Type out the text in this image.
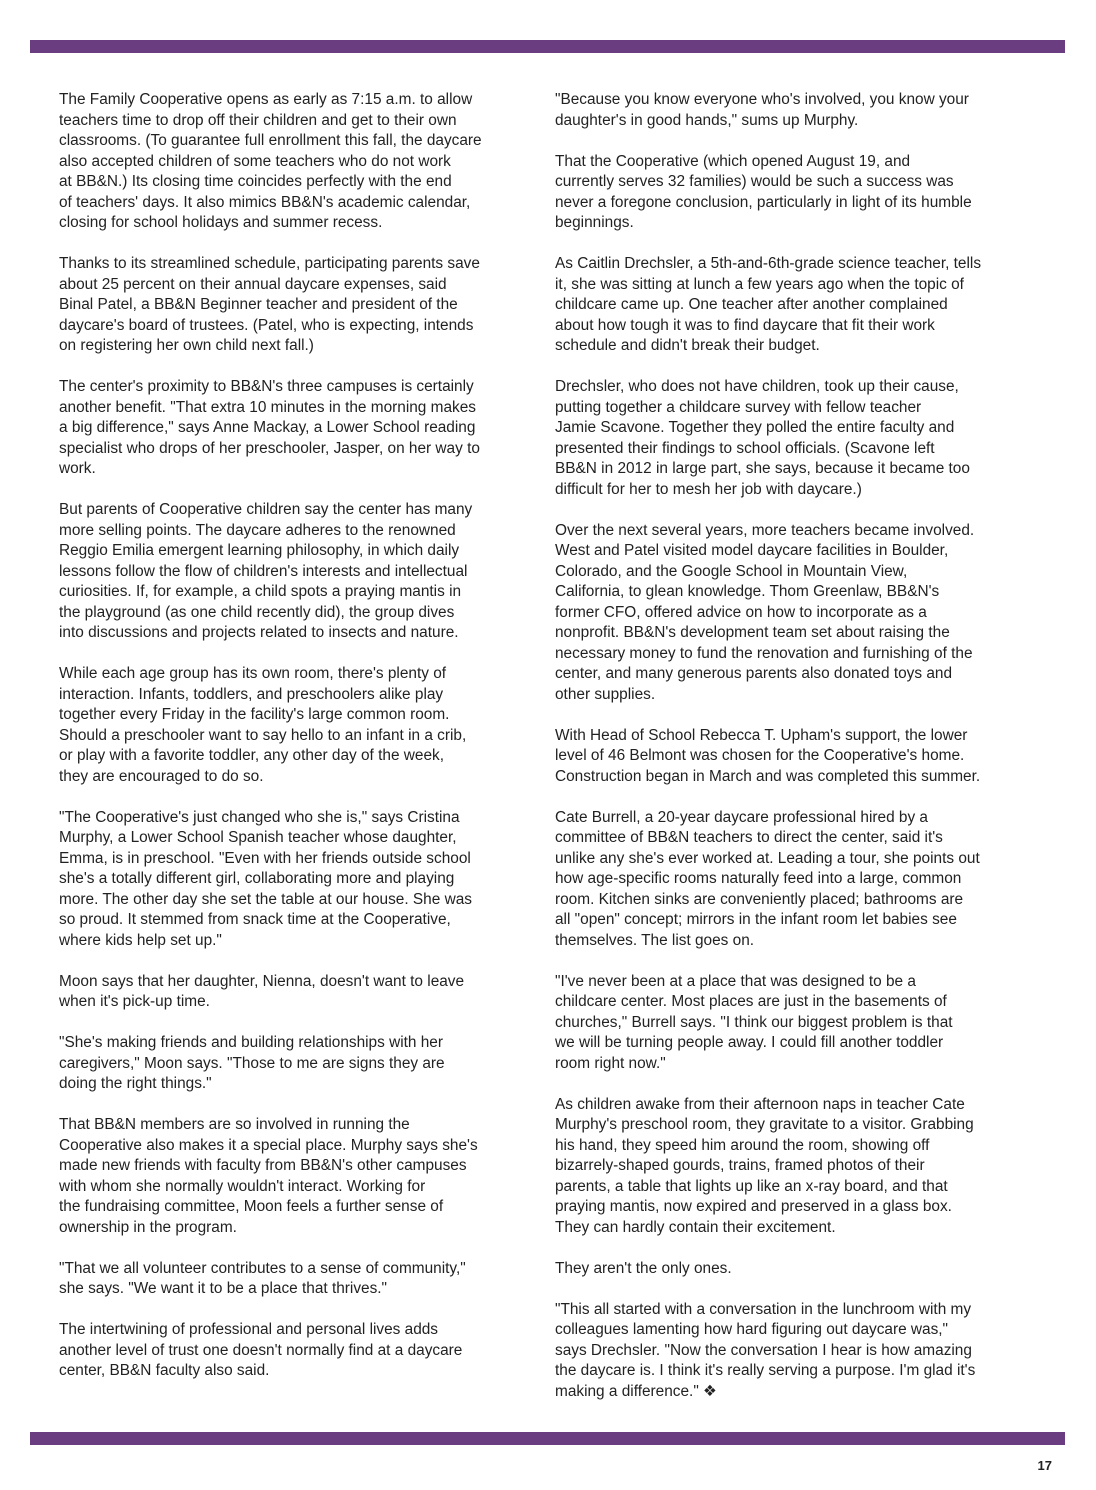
The Family Cooperative opens as early as 7:15 a.m. to allow
teachers time to drop off their children and get to their own
classrooms. (To guarantee full enrollment this fall, the daycare
also accepted children of some teachers who do not work
at BB&N.) Its closing time coincides perfectly with the end
of teachers' days. It also mimics BB&N's academic calendar,
closing for school holidays and summer recess.

Thanks to its streamlined schedule, participating parents save
about 25 percent on their annual daycare expenses, said
Binal Patel, a BB&N Beginner teacher and president of the
daycare's board of trustees. (Patel, who is expecting, intends
on registering her own child next fall.)

The center's proximity to BB&N's three campuses is certainly
another benefit. "That extra 10 minutes in the morning makes
a big difference," says Anne Mackay, a Lower School reading
specialist who drops of her preschooler, Jasper, on her way to
work.

But parents of Cooperative children say the center has many
more selling points. The daycare adheres to the renowned
Reggio Emilia emergent learning philosophy, in which daily
lessons follow the flow of children's interests and intellectual
curiosities. If, for example, a child spots a praying mantis in
the playground (as one child recently did), the group dives
into discussions and projects related to insects and nature.

While each age group has its own room, there's plenty of
interaction. Infants, toddlers, and preschoolers alike play
together every Friday in the facility's large common room.
Should a preschooler want to say hello to an infant in a crib,
or play with a favorite toddler, any other day of the week,
they are encouraged to do so.

"The Cooperative's just changed who she is," says Cristina
Murphy, a Lower School Spanish teacher whose daughter,
Emma, is in preschool. "Even with her friends outside school
she's a totally different girl, collaborating more and playing
more. The other day she set the table at our house. She was
so proud. It stemmed from snack time at the Cooperative,
where kids help set up."

Moon says that her daughter, Nienna, doesn't want to leave
when it's pick-up time.

"She's making friends and building relationships with her
caregivers," Moon says. "Those to me are signs they are
doing the right things."

That BB&N members are so involved in running the
Cooperative also makes it a special place. Murphy says she's
made new friends with faculty from BB&N's other campuses
with whom she normally wouldn't interact. Working for
the fundraising committee, Moon feels a further sense of
ownership in the program.

"That we all volunteer contributes to a sense of community,"
she says. "We want it to be a place that thrives."

The intertwining of professional and personal lives adds
another level of trust one doesn't normally find at a daycare
center, BB&N faculty also said.

"Because you know everyone who's involved, you know your
daughter's in good hands," sums up Murphy.

That the Cooperative (which opened August 19, and
currently serves 32 families) would be such a success was
never a foregone conclusion, particularly in light of its humble
beginnings.

As Caitlin Drechsler, a 5th-and-6th-grade science teacher, tells
it, she was sitting at lunch a few years ago when the topic of
childcare came up. One teacher after another complained
about how tough it was to find daycare that fit their work
schedule and didn't break their budget.

Drechsler, who does not have children, took up their cause,
putting together a childcare survey with fellow teacher
Jamie Scavone. Together they polled the entire faculty and
presented their findings to school officials. (Scavone left
BB&N in 2012 in large part, she says, because it became too
difficult for her to mesh her job with daycare.)

Over the next several years, more teachers became involved.
West and Patel visited model daycare facilities in Boulder,
Colorado, and the Google School in Mountain View,
California, to glean knowledge. Thom Greenlaw, BB&N's
former CFO, offered advice on how to incorporate as a
nonprofit. BB&N's development team set about raising the
necessary money to fund the renovation and furnishing of the
center, and many generous parents also donated toys and
other supplies.

With Head of School Rebecca T. Upham's support, the lower
level of 46 Belmont was chosen for the Cooperative's home.
Construction began in March and was completed this summer.

Cate Burrell, a 20-year daycare professional hired by a
committee of BB&N teachers to direct the center, said it's
unlike any she's ever worked at. Leading a tour, she points out
how age-specific rooms naturally feed into a large, common
room. Kitchen sinks are conveniently placed; bathrooms are
all "open" concept; mirrors in the infant room let babies see
themselves. The list goes on.

"I've never been at a place that was designed to be a
childcare center. Most places are just in the basements of
churches," Burrell says. "I think our biggest problem is that
we will be turning people away. I could fill another toddler
room right now."

As children awake from their afternoon naps in teacher Cate
Murphy's preschool room, they gravitate to a visitor. Grabbing
his hand, they speed him around the room, showing off
bizarrely-shaped gourds, trains, framed photos of their
parents, a table that lights up like an x-ray board, and that
praying mantis, now expired and preserved in a glass box.
They can hardly contain their excitement.

They aren't the only ones.

"This all started with a conversation in the lunchroom with my
colleagues lamenting how hard figuring out daycare was,"
says Drechsler. "Now the conversation I hear is how amazing
the daycare is. I think it's really serving a purpose. I'm glad it's
making a difference." ❖

17
